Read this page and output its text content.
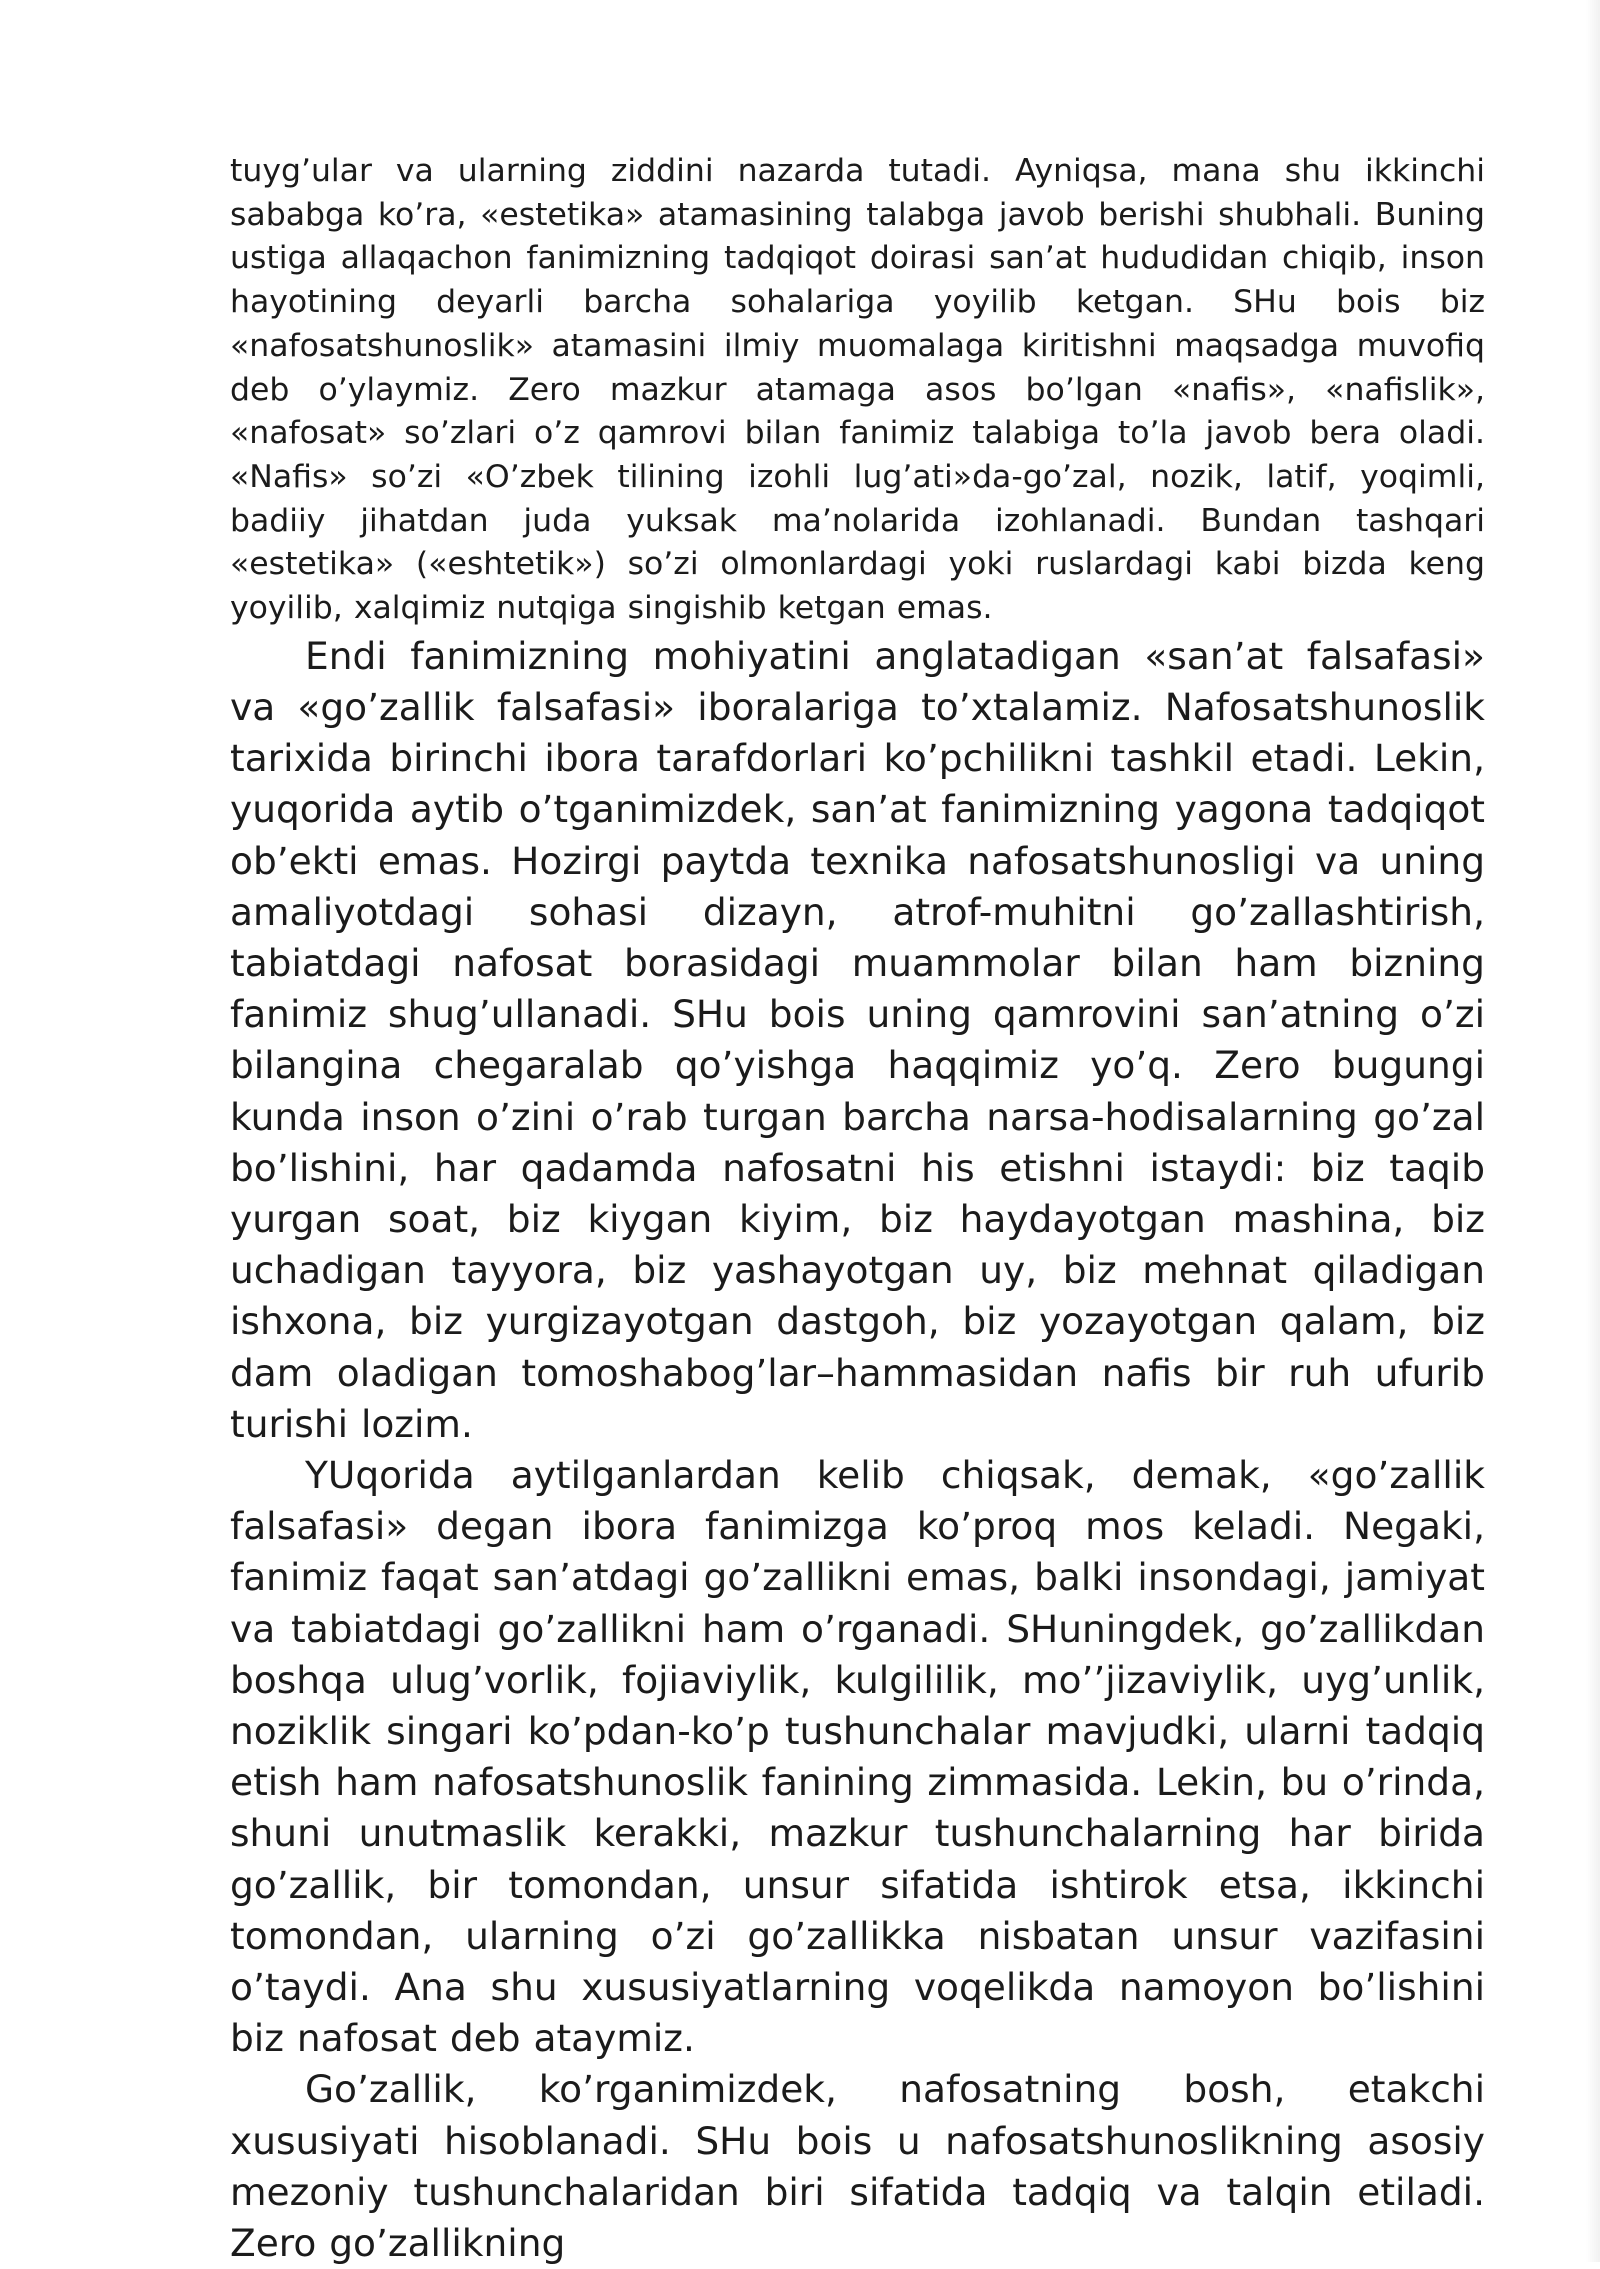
tuyg’ular va ularning ziddini nazarda tutadi. Ayniqsa, mana shu ikkinchi sababga ko’ra, «estetika» atamasining talabga javob berishi shubhali. Buning ustiga allaqachon fanimizning tadqiqot doirasi san’at hududidan chiqib, inson hayotining deyarli barcha sohalariga yoyilib ketgan. SHu bois biz «nafosatshunoslik» atamasini ilmiy muomalaga kiritishni maqsadga muvofiq deb o’ylaymiz. Zero mazkur atamaga asos bo’lgan «nafis», «nafislik», «nafosat» so’zlari o’z qamrovi bilan fanimiz talabiga to’la javob bera oladi. «Nafis» so’zi «O’zbek tilining izohli lug’ati»da-go’zal, nozik, latif, yoqimli, badiiy jihatdan juda yuksak ma’nolarida izohlanadi. Bundan tashqari «estetika» («eshtetik») so’zi olmonlardagi yoki ruslardagi kabi bizda keng yoyilib, xalqimiz nutqiga singishib ketgan emas.

Endi fanimizning mohiyatini anglatadigan «san’at falsafasi» va «go’zallik falsafasi» iboralariga to’xtalamiz. Nafosatshunoslik tarixida birinchi ibora tarafdorlari ko’pchilikni tashkil etadi. Lekin, yuqorida aytib o’tganimizdek, san’at fanimizning yagona tadqiqot ob’ekti emas. Hozirgi paytda texnika nafosatshunosligi va uning amaliyotdagi sohasi dizayn, atrof-muhitni go’zallashtirish, tabiatdagi nafosat borasidagi muammolar bilan ham bizning fanimiz shug’ullanadi. SHu bois uning qamrovini san’atning o’zi bilangina chegaralab qo’yishga haqqimiz yo’q. Zero bugungi kunda inson o’zini o’rab turgan barcha narsa-hodisalarning go’zal bo’lishini, har qadamda nafosatni his etishni istaydi: biz taqib yurgan soat, biz kiygan kiyim, biz haydayotgan mashina, biz uchadigan tayyora, biz yashayotgan uy, biz mehnat qiladigan ishxona, biz yurgizayotgan dastgoh, biz yozayotgan qalam, biz dam oladigan tomoshabog’lar–hammasidan nafis bir ruh ufurib turishi lozim.

YUqorida aytilganlardan kelib chiqsak, demak, «go’zallik falsafasi» degan ibora fanimizga ko’proq mos keladi. Negaki, fanimiz faqat san’atdagi go’zallikni emas, balki insondagi, jamiyat va tabiatdagi go’zallikni ham o’rganadi. SHuningdek, go’zallikdan boshqa ulug’vorlik, fojiaviylik, kulgililik, mo’’jizaviylik, uyg’unlik, noziklik singari ko’pdan-ko’p tushunchalar mavjudki, ularni tadqiq etish ham nafosatshunoslik fanining zimmasida. Lekin, bu o’rinda, shuni unutmaslik kerakki, mazkur tushunchalarning har birida go’zallik, bir tomondan, unsur sifatida ishtirok etsa, ikkinchi tomondan, ularning o’zi go’zallikka nisbatan unsur vazifasini o’taydi. Ana shu xususiyatlarning voqelikda namoyon bo’lishini biz nafosat deb ataymiz.

Go’zallik, ko’rganimizdek, nafosatning bosh, etakchi xususiyati hisoblanadi. SHu bois u nafosatshunoslikning asosiy mezoniy tushunchalaridan biri sifatida tadqiq va talqin etiladi. Zero go’zallikning
